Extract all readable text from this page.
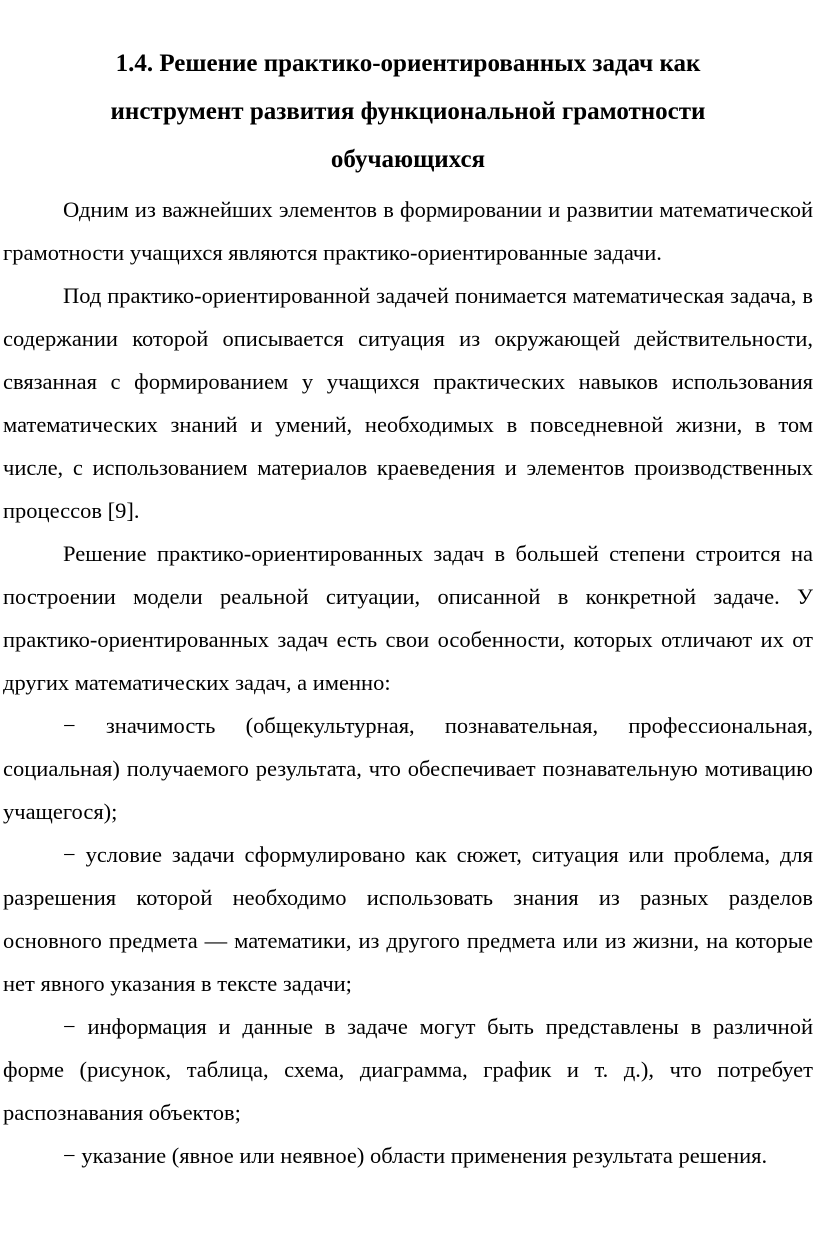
1.4. Решение практико-ориентированных задач как
инструмент развития функциональной грамотности
обучающихся

Одним из важнейших элементов в формировании и развитии математической грамотности учащихся являются практико-ориентированные задачи.

Под практико-ориентированной задачей понимается математическая задача, в содержании которой описывается ситуация из окружающей действительности, связанная с формированием у учащихся практических навыков использования математических знаний и умений, необходимых в повседневной жизни, в том числе, с использованием материалов краеведения и элементов производственных процессов [9].

Решение практико-ориентированных задач в большей степени строится на построении модели реальной ситуации, описанной в конкретной задаче. У практико-ориентированных задач есть свои особенности, которых отличают их от других математических задач, а именно:

− значимость (общекультурная, познавательная, профессиональная, социальная) получаемого результата, что обеспечивает познавательную мотивацию учащегося);

− условие задачи сформулировано как сюжет, ситуация или проблема, для разрешения которой необходимо использовать знания из разных разделов основного предмета — математики, из другого предмета или из жизни, на которые нет явного указания в тексте задачи;

− информация и данные в задаче могут быть представлены в различной форме (рисунок, таблица, схема, диаграмма, график и т. д.), что потребует распознавания объектов;

− указание (явное или неявное) области применения результата решения.
